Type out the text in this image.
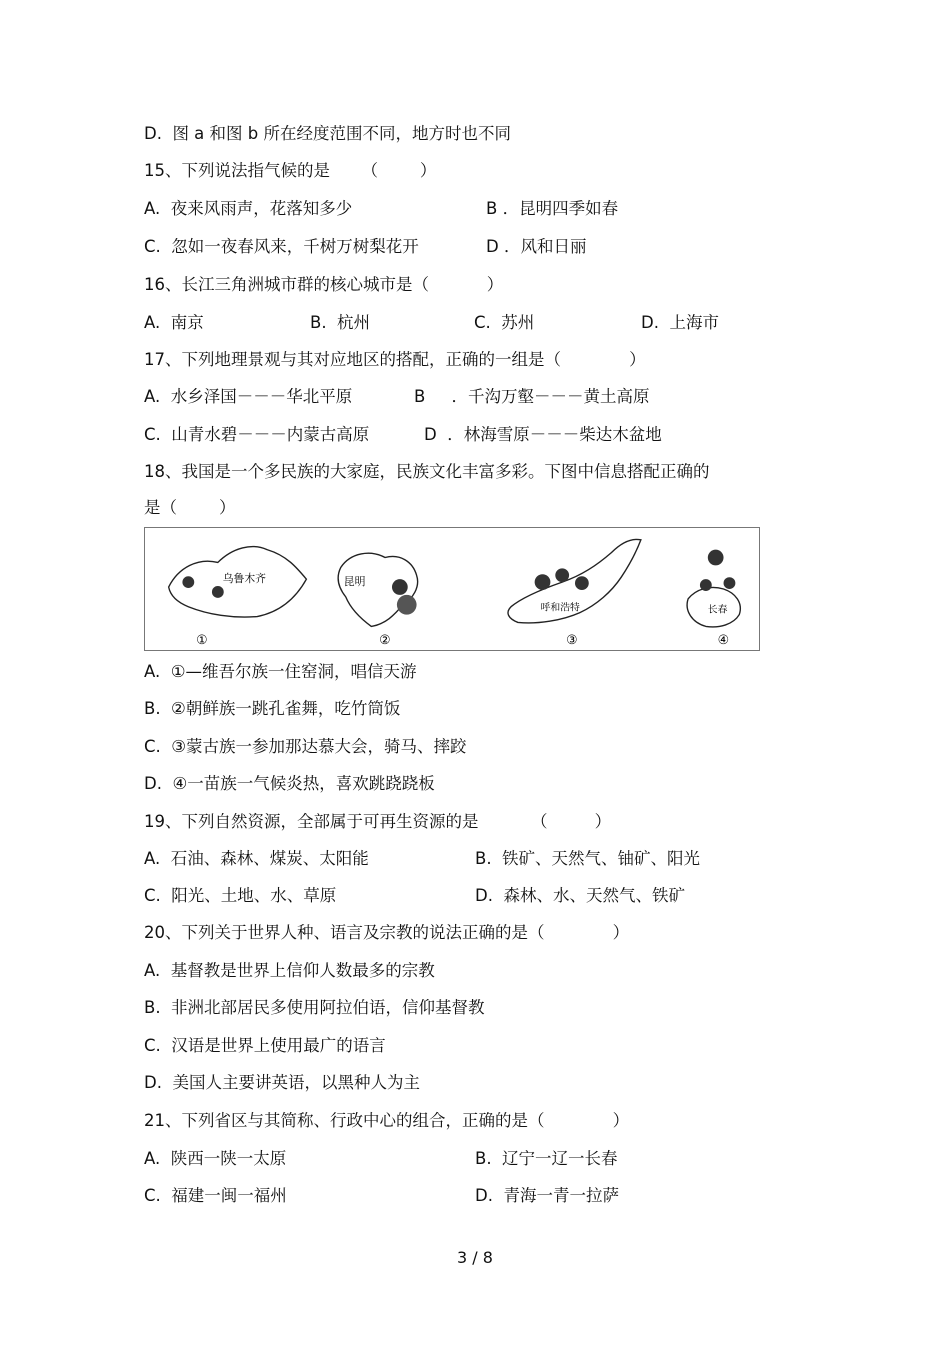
D.  图 a 和图 b 所在经度范围不同，地方时也不同
15、下列说法指气候的是      （        ）
A.  夜来风雨声，花落知多少	B ．昆明四季如春
C.  忽如一夜春风来，千树万树梨花开	D ．风和日丽
16、长江三角洲城市群的核心城市是（           ）
A.  南京	B.  杭州	C.  苏州	D.  上海市
17、下列地理景观与其对应地区的搭配，正确的一组是（             ）
A.  水乡泽国－－－华北平原	B     ．千沟万壑－－－黄土高原
C.  山青水碧－－－内蒙古高原	D  ．林海雪原－－－柴达木盆地
18、我国是一个多民族的大家庭，民族文化丰富多彩。下图中信息搭配正确的
是（        ）
乌鲁木齐	昆明
呼和浩特	长春
①	②	③	④
A.  ①—维吾尔族一住窑洞，唱信天游
B.  ②朝鲜族一跳孔雀舞，吃竹筒饭
C.  ③蒙古族一参加那达慕大会，骑马、摔跤
D.  ④一苗族一气候炎热，喜欢跳跷跷板
19、下列自然资源，全部属于可再生资源的是          （         ）
A.  石油、森林、煤炭、太阳能	B.  铁矿、天然气、铀矿、阳光
C.  阳光、土地、水、草原	D.  森林、水、天然气、铁矿
20、下列关于世界人种、语言及宗教的说法正确的是（             ）
A.  基督教是世界上信仰人数最多的宗教
B.  非洲北部居民多使用阿拉伯语，信仰基督教
C.  汉语是世界上使用最广的语言
D.  美国人主要讲英语，以黑种人为主
21、下列省区与其简称、行政中心的组合，正确的是（             ）
A.  陕西一陕一太原	B.  辽宁一辽一长春
C.  福建一闽一福州	D.  青海一青一拉萨
3 / 8
